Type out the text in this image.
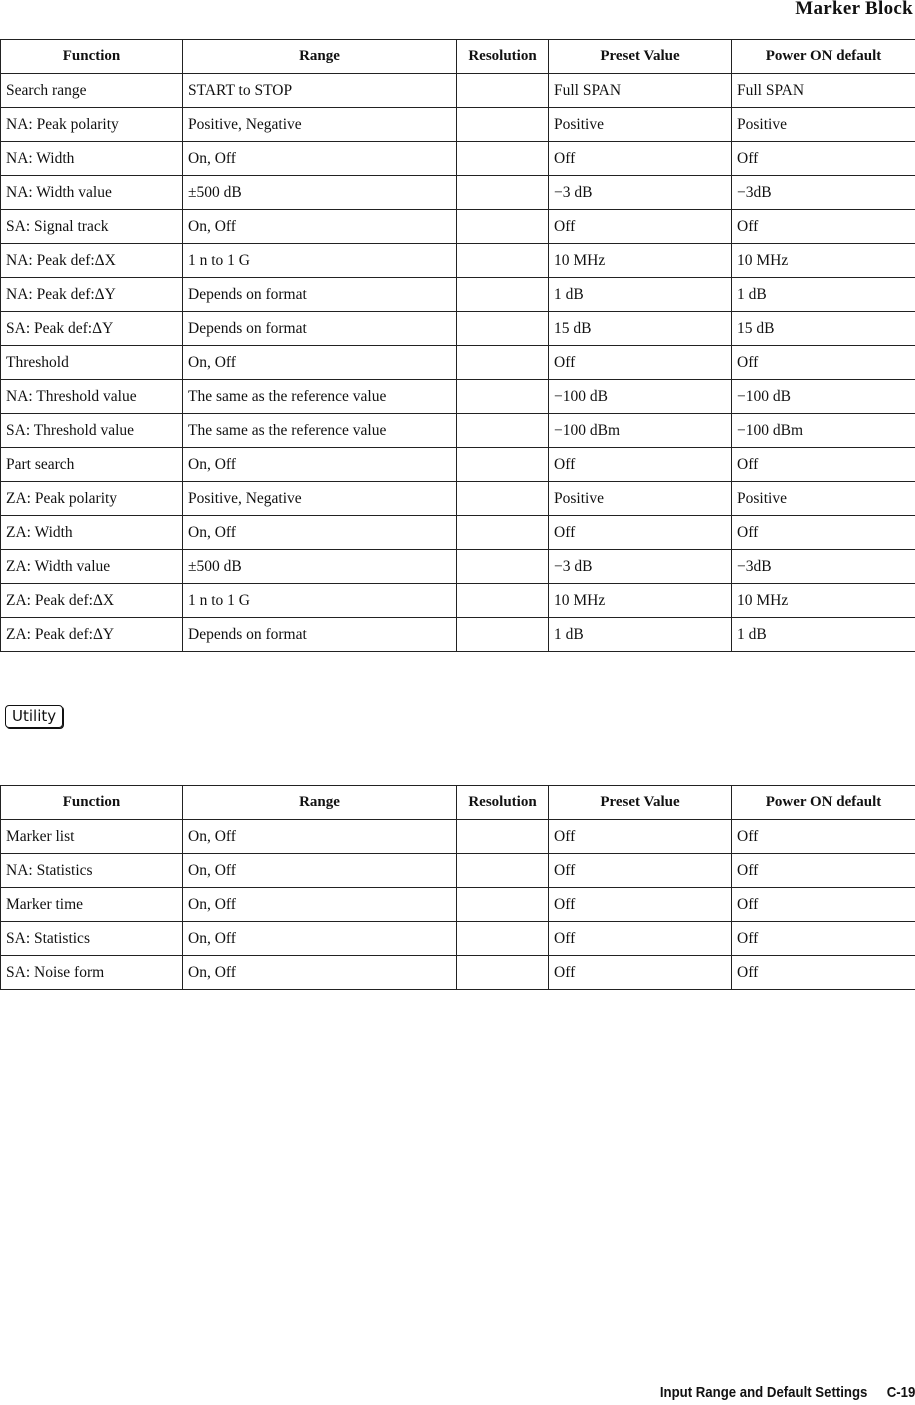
Marker Block
Function	Range	Resolution	Preset Value	Power ON default
Search range	START to STOP		Full SPAN	Full SPAN
NA: Peak polarity	Positive, Negative		Positive	Positive
NA: Width	On, Off		Off	Off
NA: Width value	±500 dB		−3 dB	−3dB
SA: Signal track	On, Off		Off	Off
NA: Peak def:ΔX	1 n to 1 G		10 MHz	10 MHz
NA: Peak def:ΔY	Depends on format		1 dB	1 dB
SA: Peak def:ΔY	Depends on format		15 dB	15 dB
Threshold	On, Off		Off	Off
NA: Threshold value	The same as the reference value		−100 dB	−100 dB
SA: Threshold value	The same as the reference value		−100 dBm	−100 dBm
Part search	On, Off		Off	Off
ZA: Peak polarity	Positive, Negative		Positive	Positive
ZA: Width	On, Off		Off	Off
ZA: Width value	±500 dB		−3 dB	−3dB
ZA: Peak def:ΔX	1 n to 1 G		10 MHz	10 MHz
ZA: Peak def:ΔY	Depends on format		1 dB	1 dB
Utility
Function	Range	Resolution	Preset Value	Power ON default
Marker list	On, Off		Off	Off
NA: Statistics	On, Off		Off	Off
Marker time	On, Off		Off	Off
SA: Statistics	On, Off		Off	Off
SA: Noise form	On, Off		Off	Off
Input Range and Default Settings C-19
